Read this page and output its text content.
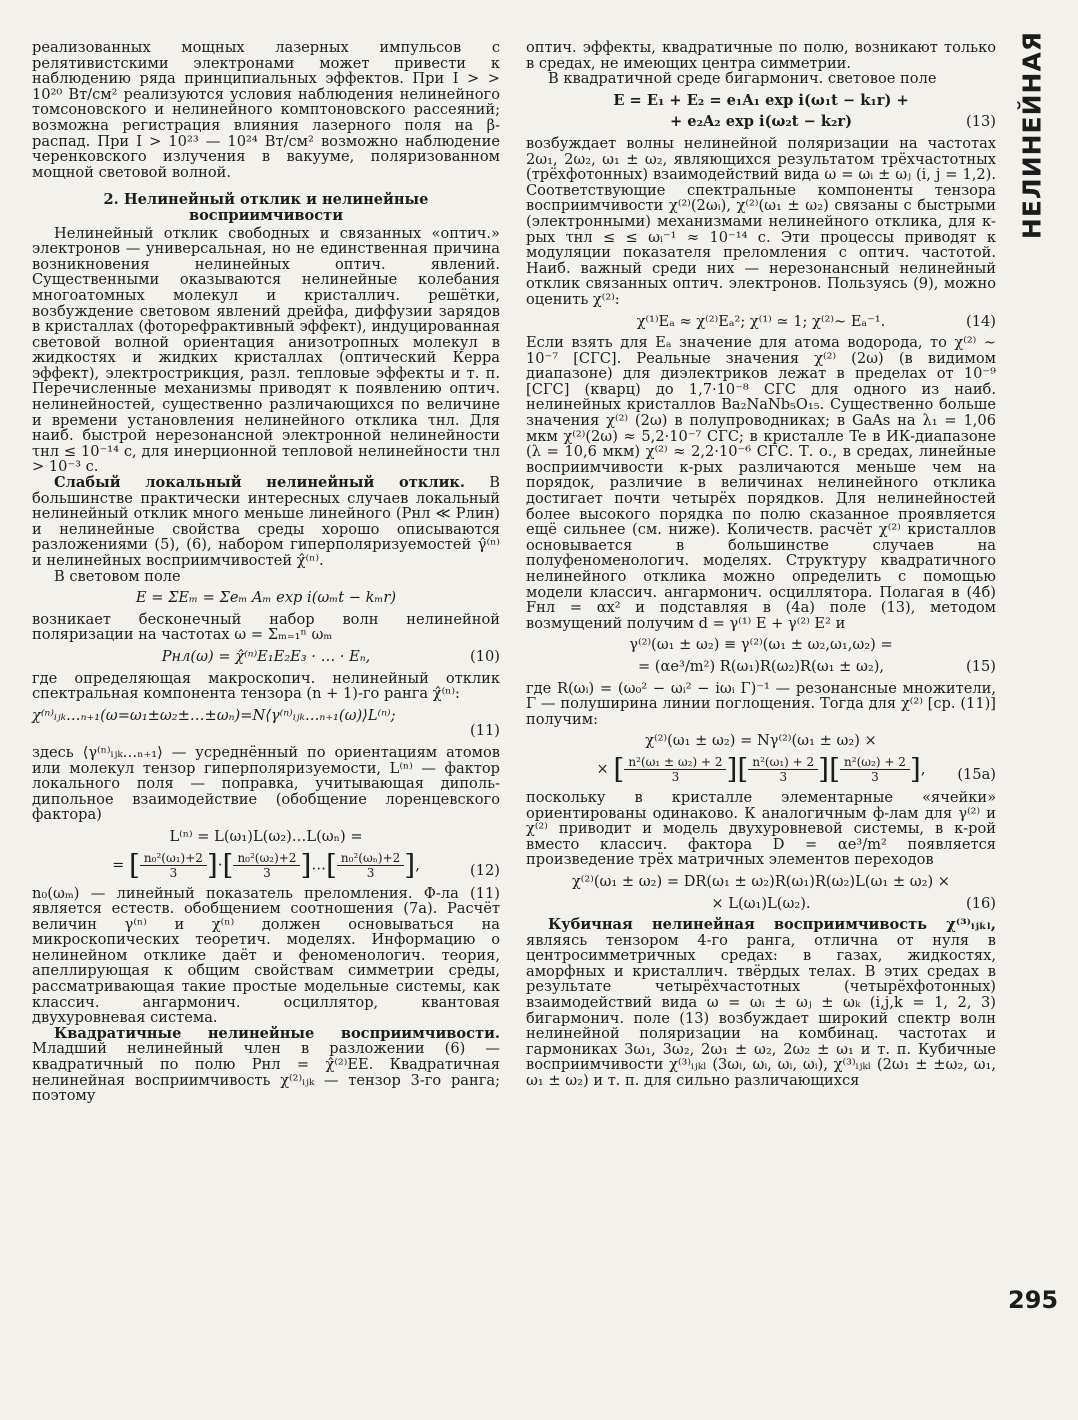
НЕЛИНЕЙНАЯ

реализованных мощных лазерных импульсов с релятивистскими электронами может привести к наблюдению ряда принципиальных эффектов. При I > > 10²⁰ Вт/см² реализуются условия наблюдения нелинейного томсоновского и нелинейного комптоновского рассеяний; возможна регистрация влияния лазерного поля на β-распад. При I > 10²³ — 10²⁴ Вт/см² возможно наблюдение черенковского излучения в вакууме, поляризованном мощной световой волной.

2. Нелинейный отклик и нелинейные восприимчивости

Нелинейный отклик свободных и связанных «оптич.» электронов — универсальная, но не единственная причина возникновения нелинейных оптич. явлений. Существенными оказываются нелинейные колебания многоатомных молекул и кристаллич. решётки, возбуждение световом явлений дрейфа, диффузии зарядов в кристаллах (фоторефрактивный эффект), индуцированная световой волной ориентация анизотропных молекул в жидкостях и жидких кристаллах (оптический Керра эффект), электрострикция, разл. тепловые эффекты и т. п. Перечисленные механизмы приводят к появлению оптич. нелинейностей, существенно различающихся по величине и времени установления нелинейного отклика τнл. Для наиб. быстрой нерезонансной электронной нелинейности τнл ≤ 10⁻¹⁴ с, для инерционной тепловой нелинейности τнл > 10⁻³ с.

Слабый локальный нелинейный отклик. В большинстве практически интересных случаев локальный нелинейный отклик много меньше линейного (Pнл ≪ Pлин) и нелинейные свойства среды хорошо описываются разложениями (5), (6), набором гиперполяризуемостей γ̂⁽ⁿ⁾ и нелинейных восприимчивостей χ̂⁽ⁿ⁾.

В световом поле

E = ΣEₘ = Σeₘ Aₘ exp i(ωₘt − kₘr)

возникает бесконечный набор волн нелинейной поляризации на частотах ω = Σₘ₌₁ⁿ ωₘ

Pнл(ω) = χ̂⁽ⁿ⁾E₁E₂E₃ · … · Eₙ,	(10)

где определяющая макроскопич. нелинейный отклик спектральная компонента тензора (n + 1)-го ранга χ̂⁽ⁿ⁾:

χ⁽ⁿ⁾ᵢⱼₖ…ₙ₊₁(ω=ω₁±ω₂±…±ωₙ)=N⟨γ⁽ⁿ⁾ᵢⱼₖ…ₙ₊₁(ω)⟩L⁽ⁿ⁾;
(11)

здесь ⟨γ⁽ⁿ⁾ᵢⱼₖ…ₙ₊₁⟩ — усреднённый по ориентациям атомов или молекул тензор гиперполяризуемости, L⁽ⁿ⁾ — фактор локального поля — поправка, учитывающая диполь-дипольное взаимодействие (обобщение лоренцевского фактора)

L⁽ⁿ⁾ = L(ω₁)L(ω₂)…L(ωₙ) =
= [ $\frac{\text{n₀²(ω₁)+2}}{3}$ ]·[ $\frac{\text{n₀²(ω₂)+2}}{3}$ ]…[ $\frac{\text{n₀²(ωₙ)+2}}{3}$ ],	(12)

n₀(ωₘ) — линейный показатель преломления. Ф-ла (11) является естеств. обобщением соотношения (7а). Расчёт величин γ⁽ⁿ⁾ и χ⁽ⁿ⁾ должен основываться на микроскопических теоретич. моделях. Информацию о нелинейном отклике даёт и феноменологич. теория, апеллирующая к общим свойствам симметрии среды, рассматривающая такие простые модельные системы, как классич. ангармонич. осциллятор, квантовая двухуровневая система.

Квадратичные нелинейные восприимчивости. Младший нелинейный член в разложении (6) — квадратичный по полю Pнл = χ̂⁽²⁾EE. Квадратичная нелинейная восприимчивость χ⁽²⁾ᵢⱼₖ — тензор 3-го ранга; поэтому

оптич. эффекты, квадратичные по полю, возникают только в средах, не имеющих центра симметрии.

В квадратичной среде бигармонич. световое поле

E = E₁ + E₂ = e₁A₁ exp i(ω₁t − k₁r) +
+ e₂A₂ exp i(ω₂t − k₂r)	(13)

возбуждает волны нелинейной поляризации на частотах 2ω₁, 2ω₂, ω₁ ± ω₂, являющихся результатом трёхчастотных (трёхфотонных) взаимодействий вида ω = ωᵢ ± ωⱼ (i, j = 1,2). Соответствующие спектральные компоненты тензора восприимчивости χ⁽²⁾(2ωᵢ), χ⁽²⁾(ω₁ ± ω₂) связаны с быстрыми (электронными) механизмами нелинейного отклика, для к-рых τнл ≤ ≤ ωᵢ⁻¹ ≈ 10⁻¹⁴ с. Эти процессы приводят к модуляции показателя преломления с оптич. частотой. Наиб. важный среди них — нерезонансный нелинейный отклик связанных оптич. электронов. Пользуясь (9), можно оценить χ⁽²⁾:

χ⁽¹⁾Eₐ ≈ χ⁽²⁾Eₐ²; χ⁽¹⁾ ≃ 1; χ⁽²⁾∼ Eₐ⁻¹.	(14)

Если взять для Eₐ значение для атома водорода, то χ⁽²⁾ ∼ 10⁻⁷ [СГС]. Реальные значения χ⁽²⁾ (2ω) (в видимом диапазоне) для диэлектриков лежат в пределах от 10⁻⁹ [СГС] (кварц) до 1,7·10⁻⁸ СГС для одного из наиб. нелинейных кристаллов Ba₂NaNb₅O₁₅. Существенно больше значения χ⁽²⁾ (2ω) в полупроводниках; в GaAs на λ₁ = 1,06 мкм χ⁽²⁾(2ω) ≈ 5,2·10⁻⁷ СГС; в кристалле Te в ИК-диапазоне (λ = 10,6 мкм) χ⁽²⁾ ≈ 2,2·10⁻⁶ СГС. Т. о., в средах, линейные восприимчивости к-рых различаются меньше чем на порядок, различие в величинах нелинейного отклика достигает почти четырёх порядков. Для нелинейностей более высокого порядка по полю сказанное проявляется ещё сильнее (см. ниже). Количеств. расчёт χ⁽²⁾ кристаллов основывается в большинстве случаев на полуфеноменологич. моделях. Структуру квадратичного нелинейного отклика можно определить с помощью модели классич. ангармонич. осциллятора. Полагая в (4б) Fнл = αx² и подставляя в (4а) поле (13), методом возмущений получим d = γ⁽¹⁾ E + γ⁽²⁾ E² и

γ⁽²⁾(ω₁ ± ω₂) ≡ γ⁽²⁾(ω₁ ± ω₂,ω₁,ω₂) =
= (αe³/m²) R(ω₁)R(ω₂)R(ω₁ ± ω₂),	(15)

где R(ωᵢ) = (ω₀² − ωᵢ² − iωᵢ Γ)⁻¹ — резонансные множители, Γ — полуширина линии поглощения. Тогда для χ⁽²⁾ [ср. (11)] получим:

χ⁽²⁾(ω₁ ± ω₂) = Nγ⁽²⁾(ω₁ ± ω₂) ×
× [ $\frac{\text{n²(ω₁ ± ω₂) + 2}}{3}$ ][ $\frac{\text{n²(ω₁) + 2}}{3}$ ][ $\frac{\text{n²(ω₂) + 2}}{3}$ ], (15а)

поскольку в кристалле элементарные «ячейки» ориентированы одинаково. К аналогичным ф-лам для γ⁽²⁾ и χ⁽²⁾ приводит и модель двухуровневой системы, в к-рой вместо классич. фактора D = αe³/m² появляется произведение трёх матричных элементов переходов

χ⁽²⁾(ω₁ ± ω₂) = DR(ω₁ ± ω₂)R(ω₁)R(ω₂)L(ω₁ ± ω₂) ×
× L(ω₁)L(ω₂).	(16)

Кубичная нелинейная восприимчивость χ⁽³⁾ᵢⱼₖₗ, являясь тензором 4-го ранга, отлична от нуля в центросимметричных средах: в газах, жидкостях, аморфных и кристаллич. твёрдых телах. В этих средах в результате четырёхчастотных (четырёхфотонных) взаимодействий вида ω = ωᵢ ± ωⱼ ± ωₖ (i,j,k = 1, 2, 3) бигармонич. поле (13) возбуждает широкий спектр волн нелинейной поляризации на комбинац. частотах и гармониках 3ω₁, 3ω₂, 2ω₁ ± ω₂, 2ω₂ ± ω₁ и т. п. Кубичные восприимчивости χ⁽³⁾ᵢⱼₖₗ (3ωᵢ, ωᵢ, ωᵢ, ωᵢ), χ⁽³⁾ᵢⱼₖₗ (2ω₁ ± ±ω₂, ω₁, ω₁ ± ω₂) и т. п. для сильно различающихся

295
